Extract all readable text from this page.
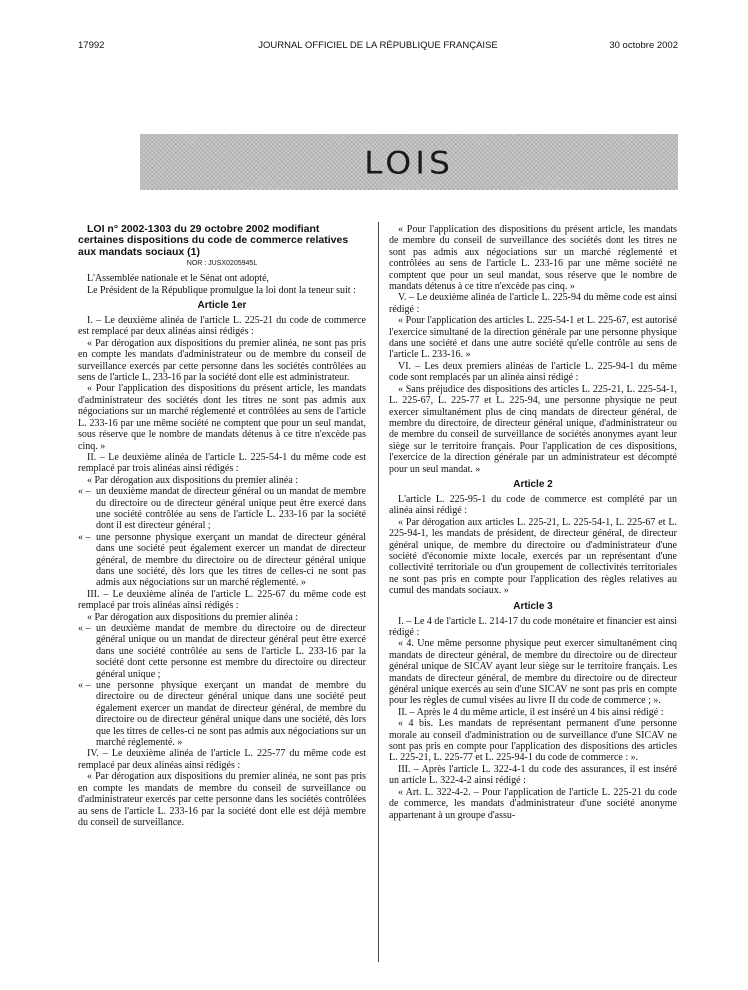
17992	JOURNAL OFFICIEL DE LA RÉPUBLIQUE FRANÇAISE	30 octobre 2002
LOIS

LOI n° 2002-1303 du 29 octobre 2002 modifiant certaines dispositions du code de commerce relatives aux mandats sociaux (1)

NOR : JUSX0205945L

L'Assemblée nationale et le Sénat ont adopté,

Le Président de la République promulgue la loi dont la teneur suit :

Article 1er

I. – Le deuxième alinéa de l'article L. 225-21 du code de commerce est remplacé par deux alinéas ainsi rédigés :

« Par dérogation aux dispositions du premier alinéa, ne sont pas pris en compte les mandats d'administrateur ou de membre du conseil de surveillance exercés par cette personne dans les sociétés contrôlées au sens de l'article L. 233-16 par la société dont elle est administrateur.

« Pour l'application des dispositions du présent article, les mandats d'administrateur des sociétés dont les titres ne sont pas admis aux négociations sur un marché réglementé et contrôlées au sens de l'article L. 233-16 par une même société ne comptent que pour un seul mandat, sous réserve que le nombre de mandats détenus à ce titre n'excède pas cinq. »

II. – Le deuxième alinéa de l'article L. 225-54-1 du même code est remplacé par trois alinéas ainsi rédigés :

« Par dérogation aux dispositions du premier alinéa :

« – un deuxième mandat de directeur général ou un mandat de membre du directoire ou de directeur général unique peut être exercé dans une société contrôlée au sens de l'article L. 233-16 par la société dont il est directeur général ;

« – une personne physique exerçant un mandat de directeur général dans une société peut également exercer un mandat de directeur général, de membre du directoire ou de directeur général unique dans une société, dès lors que les titres de celles-ci ne sont pas admis aux négociations sur un marché réglementé. »

III. – Le deuxième alinéa de l'article L. 225-67 du même code est remplacé par trois alinéas ainsi rédigés :

« Par dérogation aux dispositions du premier alinéa :

« – un deuxième mandat de membre du directoire ou de directeur général unique ou un mandat de directeur général peut être exercé dans une société contrôlée au sens de l'article L. 233-16 par la société dont cette personne est membre du directoire ou directeur général unique ;

« – une personne physique exerçant un mandat de membre du directoire ou de directeur général unique dans une société peut également exercer un mandat de directeur général, de membre du directoire ou de directeur général unique dans une société, dès lors que les titres de celles-ci ne sont pas admis aux négociations sur un marché réglementé. »

IV. – Le deuxième alinéa de l'article L. 225-77 du même code est remplacé par deux alinéas ainsi rédigés :

« Par dérogation aux dispositions du premier alinéa, ne sont pas pris en compte les mandats de membre du conseil de surveillance ou d'administrateur exercés par cette personne dans les sociétés contrôlées au sens de l'article L. 233-16 par la société dont elle est déjà membre du conseil de surveillance.

« Pour l'application des dispositions du présent article, les mandats de membre du conseil de surveillance des sociétés dont les titres ne sont pas admis aux négociations sur un marché réglementé et contrôlées au sens de l'article L. 233-16 par une même société ne comptent que pour un seul mandat, sous réserve que le nombre de mandats détenus à ce titre n'excède pas cinq. »

V. – Le deuxième alinéa de l'article L. 225-94 du même code est ainsi rédigé :

« Pour l'application des articles L. 225-54-1 et L. 225-67, est autorisé l'exercice simultané de la direction générale par une personne physique dans une société et dans une autre société qu'elle contrôle au sens de l'article L. 233-16. »

VI. – Les deux premiers alinéas de l'article L. 225-94-1 du même code sont remplacés par un alinéa ainsi rédigé :

« Sans préjudice des dispositions des articles L. 225-21, L. 225-54-1, L. 225-67, L. 225-77 et L. 225-94, une personne physique ne peut exercer simultanément plus de cinq mandats de directeur général, de membre du directoire, de directeur général unique, d'administrateur ou de membre du conseil de surveillance de sociétés anonymes ayant leur siège sur le territoire français. Pour l'application de ces dispositions, l'exercice de la direction générale par un administrateur est décompté pour un seul mandat. »

Article 2

L'article L. 225-95-1 du code de commerce est complété par un alinéa ainsi rédigé :

« Par dérogation aux articles L. 225-21, L. 225-54-1, L. 225-67 et L. 225-94-1, les mandats de président, de directeur général, de directeur général unique, de membre du directoire ou d'administrateur d'une société d'économie mixte locale, exercés par un représentant d'une collectivité territoriale ou d'un groupement de collectivités territoriales ne sont pas pris en compte pour l'application des règles relatives au cumul des mandats sociaux. »

Article 3

I. – Le 4 de l'article L. 214-17 du code monétaire et financier est ainsi rédigé :

« 4. Une même personne physique peut exercer simultanément cinq mandats de directeur général, de membre du directoire ou de directeur général unique de SICAV ayant leur siège sur le territoire français. Les mandats de directeur général, de membre du directoire ou de directeur général unique exercés au sein d'une SICAV ne sont pas pris en compte pour les règles de cumul visées au livre II du code de commerce ; ».

II. – Après le 4 du même article, il est inséré un 4 bis ainsi rédigé :

« 4 bis. Les mandats de représentant permanent d'une personne morale au conseil d'administration ou de surveillance d'une SICAV ne sont pas pris en compte pour l'application des dispositions des articles L. 225-21, L. 225-77 et L. 225-94-1 du code de commerce : ».

III. – Après l'article L. 322-4-1 du code des assurances, il est inséré un article L. 322-4-2 ainsi rédigé :

« Art. L. 322-4-2. – Pour l'application de l'article L. 225-21 du code de commerce, les mandats d'administrateur d'une société anonyme appartenant à un groupe d'assu-
